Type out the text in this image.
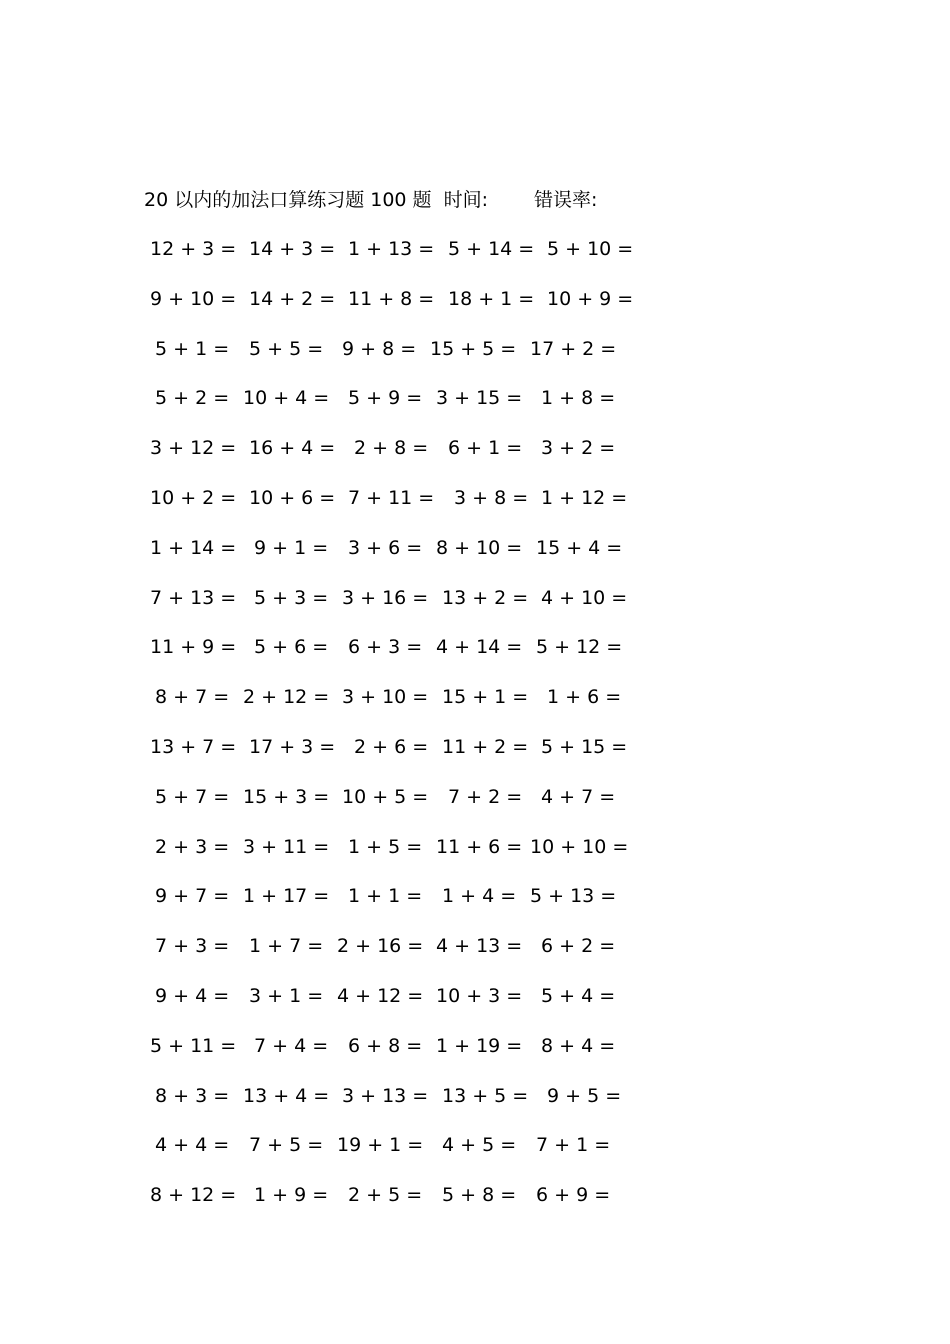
20 以内的加法口算练习题 100 题 时间: 错误率:
12 + 3 = 14 + 3 = 1 + 13 = 5 + 14 = 5 + 10 =
9 + 10 = 14 + 2 = 11 + 8 = 18 + 1 = 10 + 9 =
5 + 1 = 5 + 5 = 9 + 8 = 15 + 5 = 17 + 2 =
5 + 2 = 10 + 4 = 5 + 9 = 3 + 15 = 1 + 8 =
3 + 12 = 16 + 4 = 2 + 8 = 6 + 1 = 3 + 2 =
10 + 2 = 10 + 6 = 7 + 11 = 3 + 8 = 1 + 12 =
1 + 14 = 9 + 1 = 3 + 6 = 8 + 10 = 15 + 4 =
7 + 13 = 5 + 3 = 3 + 16 = 13 + 2 = 4 + 10 =
11 + 9 = 5 + 6 = 6 + 3 = 4 + 14 = 5 + 12 =
8 + 7 = 2 + 12 = 3 + 10 = 15 + 1 = 1 + 6 =
13 + 7 = 17 + 3 = 2 + 6 = 11 + 2 = 5 + 15 =
5 + 7 = 15 + 3 = 10 + 5 = 7 + 2 = 4 + 7 =
2 + 3 = 3 + 11 = 1 + 5 = 11 + 6 = 10 + 10 =
9 + 7 = 1 + 17 = 1 + 1 = 1 + 4 = 5 + 13 =
7 + 3 = 1 + 7 = 2 + 16 = 4 + 13 = 6 + 2 =
9 + 4 = 3 + 1 = 4 + 12 = 10 + 3 = 5 + 4 =
5 + 11 = 7 + 4 = 6 + 8 = 1 + 19 = 8 + 4 =
8 + 3 = 13 + 4 = 3 + 13 = 13 + 5 = 9 + 5 =
4 + 4 = 7 + 5 = 19 + 1 = 4 + 5 = 7 + 1 =
8 + 12 = 1 + 9 = 2 + 5 = 5 + 8 = 6 + 9 =
